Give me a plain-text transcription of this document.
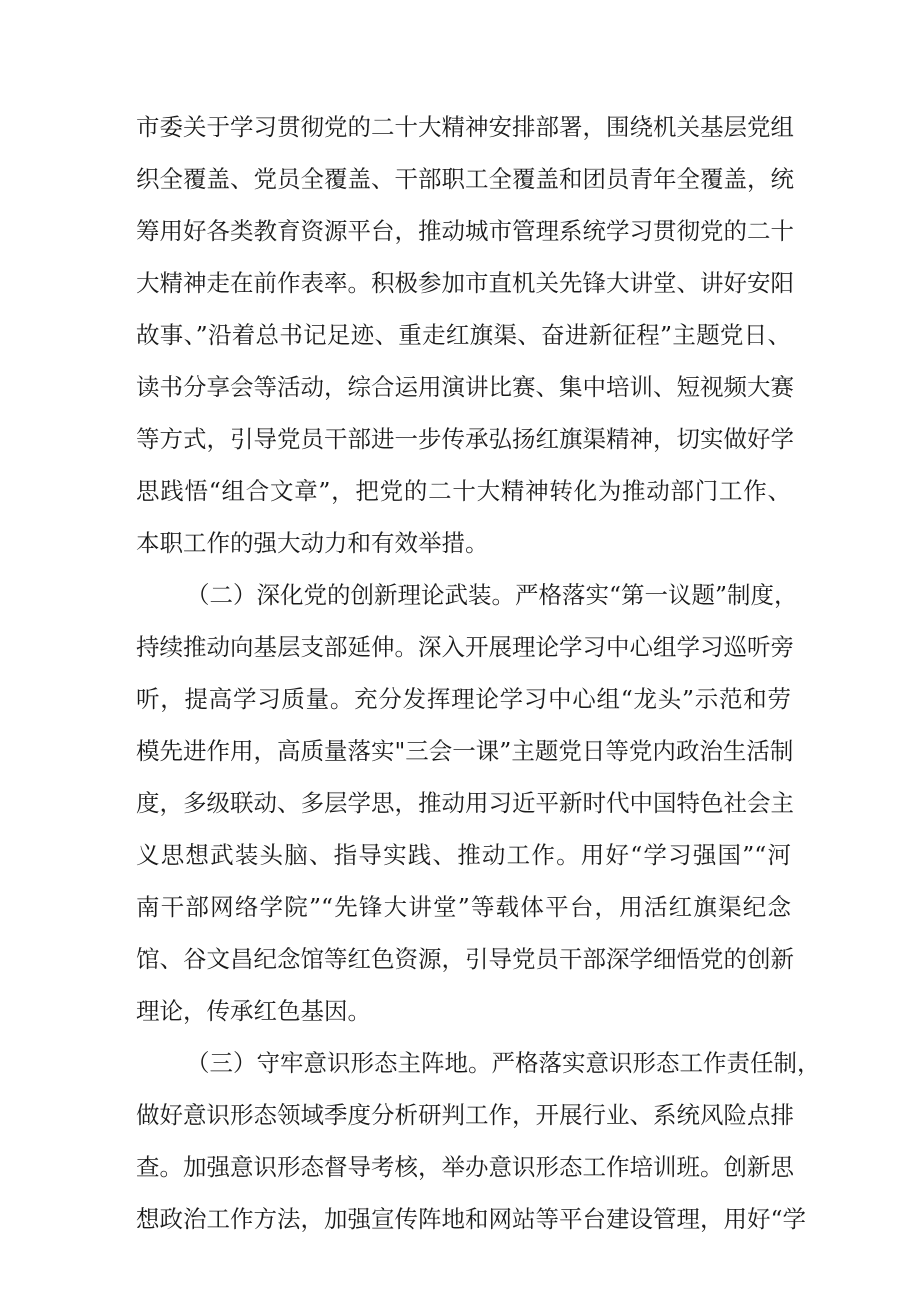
市委关于学习贯彻党的二十大精神安排部署，围绕机关基层党组
织全覆盖、党员全覆盖、干部职工全覆盖和团员青年全覆盖，统
筹用好各类教育资源平台，推动城市管理系统学习贯彻党的二十
大精神走在前作表率。积极参加市直机关先锋大讲堂、讲好安阳
故事、”沿着总书记足迹、重走红旗渠、奋进新征程”主题党日、
读书分享会等活动，综合运用演讲比赛、集中培训、短视频大赛
等方式，引导党员干部进一步传承弘扬红旗渠精神，切实做好学
思践悟“组合文章”，把党的二十大精神转化为推动部门工作、
本职工作的强大动力和有效举措。
（二）深化党的创新理论武装。严格落实“第一议题”制度，
持续推动向基层支部延伸。深入开展理论学习中心组学习巡听旁
听，提高学习质量。充分发挥理论学习中心组“龙头”示范和劳
模先进作用，高质量落实"三会一课”主题党日等党内政治生活制
度，多级联动、多层学思，推动用习近平新时代中国特色社会主
义思想武装头脑、指导实践、推动工作。用好“学习强国”“河
南干部网络学院”“先锋大讲堂”等载体平台，用活红旗渠纪念
馆、谷文昌纪念馆等红色资源，引导党员干部深学细悟党的创新
理论，传承红色基因。
（三）守牢意识形态主阵地。严格落实意识形态工作责任制，
做好意识形态领域季度分析研判工作，开展行业、系统风险点排
查。加强意识形态督导考核，举办意识形态工作培训班。创新思
想政治工作方法，加强宣传阵地和网站等平台建设管理，用好“学
